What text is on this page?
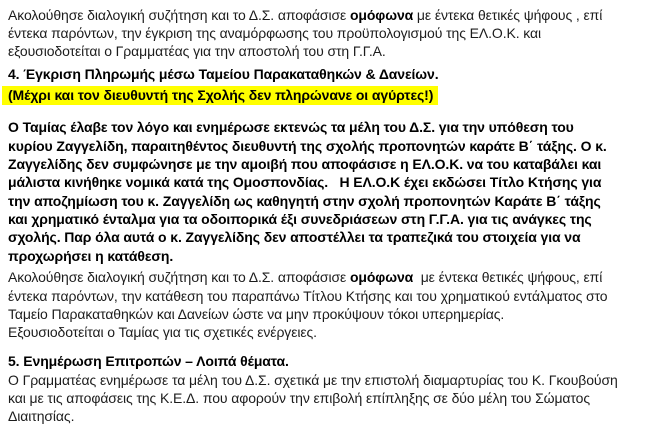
Ακολούθησε διαλογική συζήτηση και το Δ.Σ. αποφάσισε ομόφωνα με έντεκα θετικές ψήφους , επί
έντεκα παρόντων, την έγκριση της αναμόρφωσης του προϋπολογισμού της ΕΛ.Ο.Κ. και
εξουσιοδοτείται ο Γραμματέας για την αποστολή του στη Γ.Γ.Α.

4. Έγκριση Πληρωμής μέσω Ταμείου Παρακαταθηκών & Δανείων.

(Μέχρι και τον διευθυντή της Σχολής δεν πληρώνανε οι αγύρτες!)

Ο Ταμίας έλαβε τον λόγο και ενημέρωσε εκτενώς τα μέλη του Δ.Σ. για την υπόθεση του
κυρίου Ζαγγελίδη, παραιτηθέντος διευθυντή της σχολής προπονητών καράτε Β΄ τάξης. Ο κ.
Ζαγγελίδης δεν συμφώνησε με την αμοιβή που αποφάσισε η ΕΛ.Ο.Κ. να του καταβάλει και
μάλιστα κινήθηκε νομικά κατά της Ομοσπονδίας.   Η ΕΛ.Ο.Κ έχει εκδώσει Τίτλο Κτήσης για
την αποζημίωση του κ. Ζαγγελίδη ως καθηγητή στην σχολή προπονητών Καράτε Β΄ τάξης
και χρηματικό ένταλμα για τα οδοιπορικά έξι συνεδριάσεων στη Γ.Γ.Α. για τις ανάγκες της
σχολής. Παρ όλα αυτά ο κ. Ζαγγελίδης δεν αποστέλλει τα τραπεζικά του στοιχεία για να
προχωρήσει η κατάθεση.

Ακολούθησε διαλογική συζήτηση και το Δ.Σ. αποφάσισε ομόφωνα  με έντεκα θετικές ψήφους, επί
έντεκα παρόντων, την κατάθεση του παραπάνω Τίτλου Κτήσης και του χρηματικού εντάλματος στο
Ταμείο Παρακαταθηκών και Δανείων ώστε να μην προκύψουν τόκοι υπερημερίας.
Εξουσιοδοτείται ο Ταμίας για τις σχετικές ενέργειες.

5. Ενημέρωση Επιτροπών – Λοιπά θέματα.

Ο Γραμματέας ενημέρωσε τα μέλη του Δ.Σ. σχετικά με την επιστολή διαμαρτυρίας του Κ. Γκουβούση
και με τις αποφάσεις της Κ.Ε.Δ. που αφορούν την επιβολή επίπληξης σε δύο μέλη του Σώματος
Διαιτησίας.
